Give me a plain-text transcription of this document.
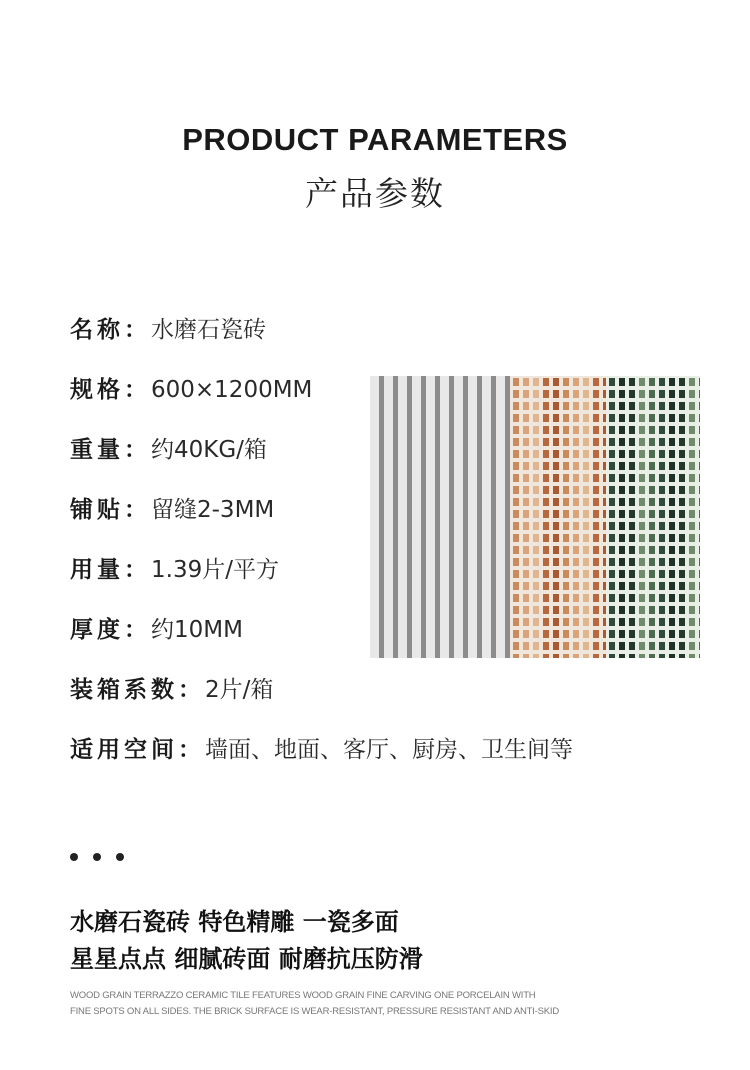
PRODUCT PARAMETERS
产品参数
名称：水磨石瓷砖
规格：600×1200MM
重量：约40KG/箱
铺贴：留缝2-3MM
用量：1.39片/平方
厚度：约10MM
装箱系数：2片/箱
适用空间：墙面、地面、客厅、厨房、卫生间等
水磨石瓷砖 特色精雕 一瓷多面
星星点点 细腻砖面 耐磨抗压防滑
WOOD GRAIN TERRAZZO CERAMIC TILE FEATURES WOOD GRAIN FINE CARVING ONE PORCELAIN WITH
FINE SPOTS ON ALL SIDES. THE BRICK SURFACE IS WEAR-RESISTANT, PRESSURE RESISTANT AND ANTI-SKID
